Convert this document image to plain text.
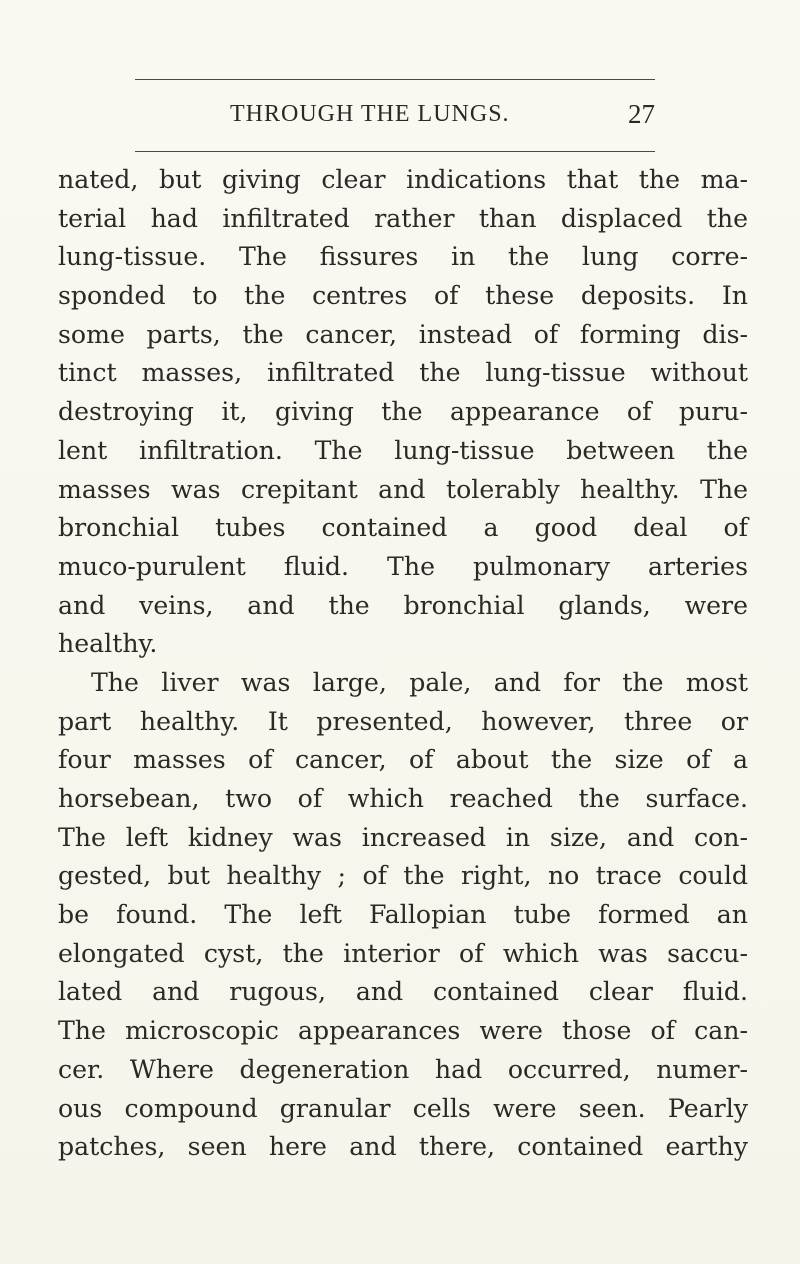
THROUGH THE LUNGS.	27
nated, but giving clear indications that the ma-
terial had infiltrated rather than displaced the
lung-tissue. The fissures in the lung corre-
sponded to the centres of these deposits. In
some parts, the cancer, instead of forming dis-
tinct masses, infiltrated the lung-tissue without
destroying it, giving the appearance of puru-
lent infiltration. The lung-tissue between the
masses was crepitant and tolerably healthy. The
bronchial tubes contained a good deal of
muco-purulent fluid. The pulmonary arteries
and veins, and the bronchial glands, were
healthy.
The liver was large, pale, and for the most
part healthy. It presented, however, three or
four masses of cancer, of about the size of a
horsebean, two of which reached the surface.
The left kidney was increased in size, and con-
gested, but healthy ; of the right, no trace could
be found. The left Fallopian tube formed an
elongated cyst, the interior of which was saccu-
lated and rugous, and contained clear fluid.
The microscopic appearances were those of can-
cer. Where degeneration had occurred, numer-
ous compound granular cells were seen. Pearly
patches, seen here and there, contained earthy
